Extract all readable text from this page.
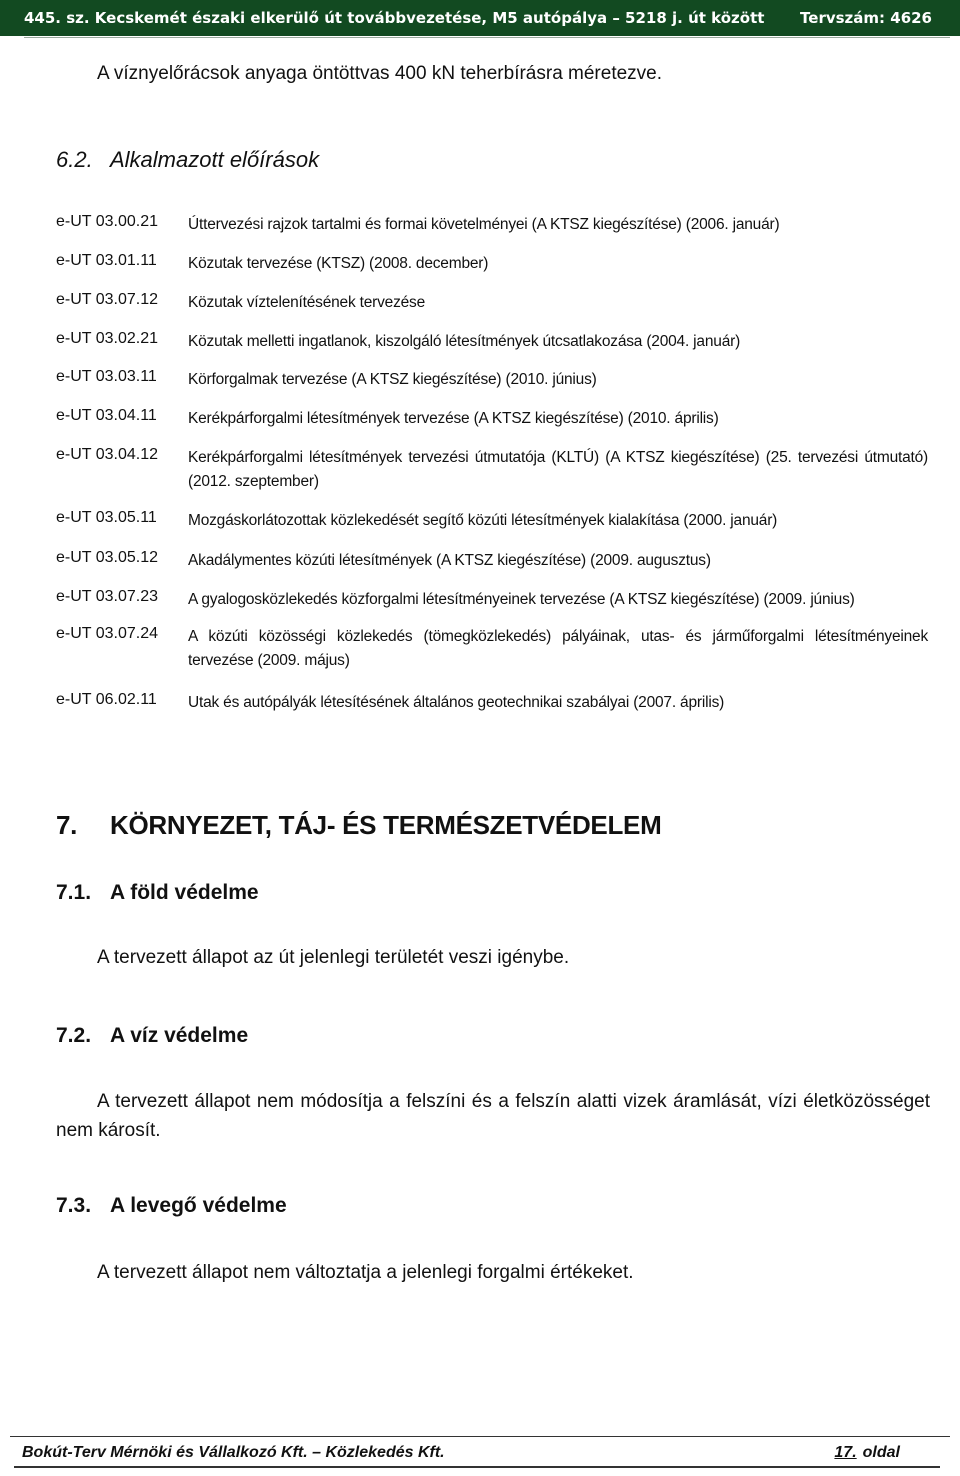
445. sz. Kecskemét északi elkerülő út továbbvezetése, M5 autópálya – 5218 j. út között Tervszám: 4626
A víznyelőrácsok anyaga öntöttvas 400 kN teherbírásra méretezve.
6.2. Alkalmazott előírások
e-UT 03.00.21	Úttervezési rajzok tartalmi és formai követelményei (A KTSZ kiegészítése) (2006. január)
e-UT 03.01.11	Közutak tervezése (KTSZ) (2008. december)
e-UT 03.07.12	Közutak víztelenítésének tervezése
e-UT 03.02.21	Közutak melletti ingatlanok, kiszolgáló létesítmények útcsatlakozása (2004. január)
e-UT 03.03.11	Körforgalmak tervezése (A KTSZ kiegészítése) (2010. június)
e-UT 03.04.11	Kerékpárforgalmi létesítmények tervezése (A KTSZ kiegészítése) (2010. április)
e-UT 03.04.12	Kerékpárforgalmi létesítmények tervezési útmutatója (KLTÚ) (A KTSZ kiegészítése) (25. tervezési útmutató) (2012. szeptember)
e-UT 03.05.11	Mozgáskorlátozottak közlekedését segítő közúti létesítmények kialakítása (2000. január)
e-UT 03.05.12	Akadálymentes közúti létesítmények (A KTSZ kiegészítése) (2009. augusztus)
e-UT 03.07.23	A gyalogosközlekedés közforgalmi létesítményeinek tervezése (A KTSZ kiegészítése) (2009. június)
e-UT 03.07.24	A közúti közösségi közlekedés (tömegközlekedés) pályáinak, utas- és járműforgalmi létesítményeinek tervezése (2009. május)
e-UT 06.02.11	Utak és autópályák létesítésének általános geotechnikai szabályai (2007. április)
7. KÖRNYEZET, TÁJ- ÉS TERMÉSZETVÉDELEM
7.1. A föld védelme
A tervezett állapot az út jelenlegi területét veszi igénybe.
7.2. A víz védelme
A tervezett állapot nem módosítja a felszíni és a felszín alatti vizek áramlását, vízi életközösséget nem károsít.
7.3. A levegő védelme
A tervezett állapot nem változtatja a jelenlegi forgalmi értékeket.
Bokút-Terv Mérnöki és Vállalkozó Kft. – Közlekedés Kft.	17. oldal
